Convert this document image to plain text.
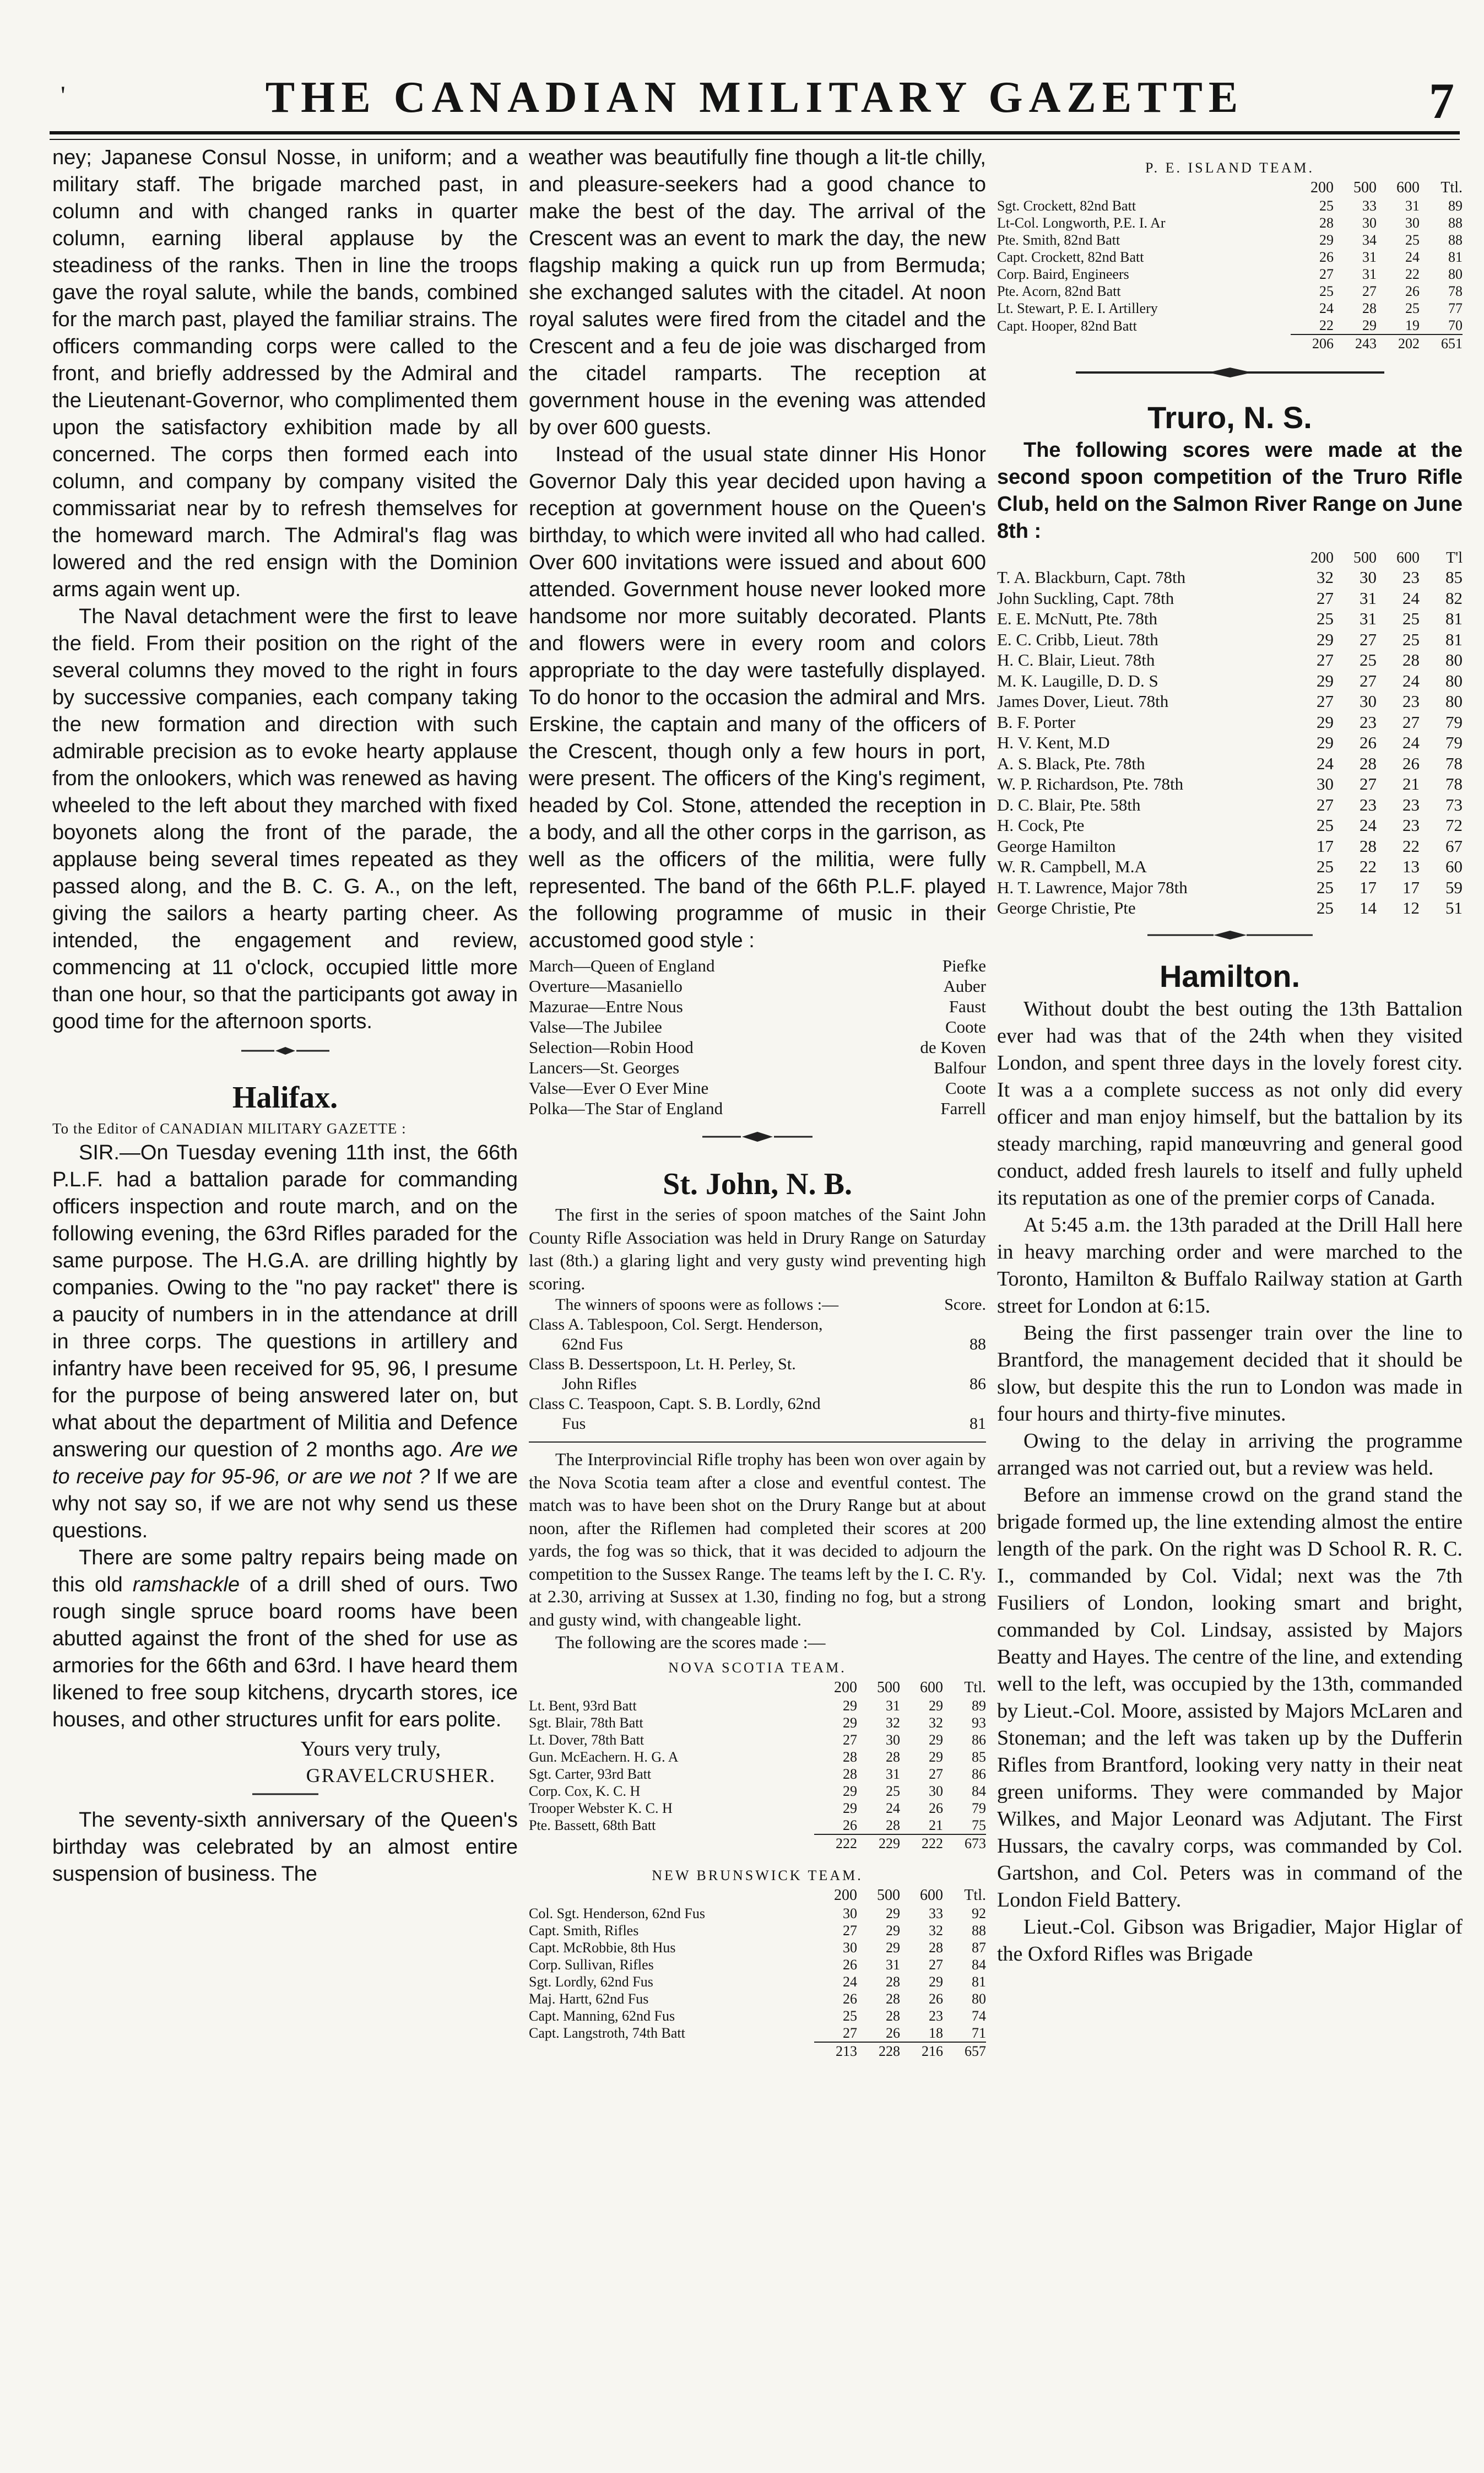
'	THE CANADIAN MILITARY GAZETTE	7

ney; Japanese Consul Nosse, in uniform; and a military staff. The brigade marched past, in column and with changed ranks in quarter column, earning liberal applause by the steadiness of the ranks. Then in line the troops gave the royal salute, while the bands, combined for the march past, played the familiar strains. The officers commanding corps were called to the front, and briefly addressed by the Admiral and the Lieutenant-Governor, who complimented them upon the satisfactory exhibition made by all concerned. The corps then formed each into column, and company by company visited the commissariat near by to refresh themselves for the homeward march. The Admiral's flag was lowered and the red ensign with the Dominion arms again went up.

The Naval detachment were the first to leave the field. From their position on the right of the several columns they moved to the right in fours by successive companies, each company taking the new formation and direction with such admirable precision as to evoke hearty applause from the onlookers, which was renewed as having wheeled to the left about they marched with fixed boyonets along the front of the parade, the applause being several times repeated as they passed along, and the B. C. G. A., on the left, giving the sailors a hearty parting cheer. As intended, the engagement and review, commencing at 11 o'clock, occupied little more than one hour, so that the participants got away in good time for the afternoon sports.

Halifax.
To the Editor of CANADIAN MILITARY GAZETTE :

SIR.—On Tuesday evening 11th inst, the 66th P.L.F. had a battalion parade for commanding officers inspection and route march, and on the following evening, the 63rd Rifles paraded for the same purpose. The H.G.A. are drilling hightly by companies. Owing to the "no pay racket" there is a paucity of numbers in in the attendance at drill in three corps. The questions in artillery and infantry have been received for 95, 96, I presume for the purpose of being answered later on, but what about the department of Militia and Defence answering our question of 2 months ago. Are we to receive pay for 95-96, or are we not ? If we are why not say so, if we are not why send us these questions.

There are some paltry repairs being made on this old ramshackle of a drill shed of ours. Two rough single spruce board rooms have been abutted against the front of the shed for use as armories for the 66th and 63rd. I have heard them likened to free soup kitchens, drycarth stores, ice houses, and other structures unfit for ears polite.

Yours very truly,
GRAVELCRUSHER.

The seventy-sixth anniversary of the Queen's birthday was celebrated by an almost entire suspension of business. The

weather was beautifully fine though a lit-tle chilly, and pleasure-seekers had a good chance to make the best of the day. The arrival of the Crescent was an event to mark the day, the new flagship making a quick run up from Bermuda; she exchanged salutes with the citadel. At noon royal salutes were fired from the citadel and the Crescent and a feu de joie was discharged from the citadel ramparts. The reception at government house in the evening was attended by over 600 guests.

Instead of the usual state dinner His Honor Governor Daly this year decided upon having a reception at government house on the Queen's birthday, to which were invited all who had called. Over 600 invitations were issued and about 600 attended. Government house never looked more handsome nor more suitably decorated. Plants and flowers were in every room and colors appropriate to the day were tastefully displayed. To do honor to the occasion the admiral and Mrs. Erskine, the captain and many of the officers of the Crescent, though only a few hours in port, were present. The officers of the King's regiment, headed by Col. Stone, attended the reception in a body, and all the other corps in the garrison, as well as the officers of the militia, were fully represented. The band of the 66th P.L.F. played the following programme of music in their accustomed good style :

March—Queen of England	Piefke
Overture—Masaniello	Auber
Mazurae—Entre Nous	Faust
Valse—The Jubilee	Coote
Selection—Robin Hood	de Koven
Lancers—St. Georges	Balfour
Valse—Ever O Ever Mine	Coote
Polka—The Star of England	Farrell
St. John, N. B.

The first in the series of spoon matches of the Saint John County Rifle Association was held in Drury Range on Saturday last (8th.) a glaring light and very gusty wind preventing high scoring.

The winners of spoons were as follows :—	Score.
Class A. Tablespoon, Col. Sergt. Henderson,	
62nd Fus	88
Class B. Dessertspoon, Lt. H. Perley, St.	
John Rifles	86
Class C. Teaspoon, Capt. S. B. Lordly, 62nd	
Fus	81

The Interprovincial Rifle trophy has been won over again by the Nova Scotia team after a close and eventful contest. The match was to have been shot on the Drury Range but at about noon, after the Riflemen had completed their scores at 200 yards, the fog was so thick, that it was decided to adjourn the competition to the Sussex Range. The teams left by the I. C. R'y. at 2.30, arriving at Sussex at 1.30, finding no fog, but a strong and gusty wind, with changeable light.

The following are the scores made :—

NOVA SCOTIA TEAM.
	200	500	600	Ttl.
Lt. Bent, 93rd Batt	29	31	29	89
Sgt. Blair, 78th Batt	29	32	32	93
Lt. Dover, 78th Batt	27	30	29	86
Gun. McEachern. H. G. A	28	28	29	85
Sgt. Carter, 93rd Batt	28	31	27	86
Corp. Cox, K. C. H	29	25	30	84
Trooper Webster K. C. H	29	24	26	79
Pte. Bassett, 68th Batt	26	28	21	75
	222	229	222	673
NEW BRUNSWICK TEAM.
	200	500	600	Ttl.
Col. Sgt. Henderson, 62nd Fus	30	29	33	92
Capt. Smith, Rifles	27	29	32	88
Capt. McRobbie, 8th Hus	30	29	28	87
Corp. Sullivan, Rifles	26	31	27	84
Sgt. Lordly, 62nd Fus	24	28	29	81
Maj. Hartt, 62nd Fus	26	28	26	80
Capt. Manning, 62nd Fus	25	28	23	74
Capt. Langstroth, 74th Batt	27	26	18	71
	213	228	216	657
P. E. ISLAND TEAM.
	200	500	600	Ttl.
Sgt. Crockett, 82nd Batt	25	33	31	89
Lt-Col. Longworth, P.E. I. Ar	28	30	30	88
Pte. Smith, 82nd Batt	29	34	25	88
Capt. Crockett, 82nd Batt	26	31	24	81
Corp. Baird, Engineers	27	31	22	80
Pte. Acorn, 82nd Batt	25	27	26	78
Lt. Stewart, P. E. I. Artillery	24	28	25	77
Capt. Hooper, 82nd Batt	22	29	19	70
	206	243	202	651
Truro, N. S.

The following scores were made at the second spoon competition of the Truro Rifle Club, held on the Salmon River Range on June 8th :

	200	500	600	T'l
T. A. Blackburn, Capt. 78th	32	30	23	85
John Suckling, Capt. 78th	27	31	24	82
E. E. McNutt, Pte. 78th	25	31	25	81
E. C. Cribb, Lieut. 78th	29	27	25	81
H. C. Blair, Lieut. 78th	27	25	28	80
M. K. Laugille, D. D. S	29	27	24	80
James Dover, Lieut. 78th	27	30	23	80
B. F. Porter	29	23	27	79
H. V. Kent, M.D	29	26	24	79
A. S. Black, Pte. 78th	24	28	26	78
W. P. Richardson, Pte. 78th	30	27	21	78
D. C. Blair, Pte. 58th	27	23	23	73
H. Cock, Pte	25	24	23	72
George Hamilton	17	28	22	67
W. R. Campbell, M.A	25	22	13	60
H. T. Lawrence, Major 78th	25	17	17	59
George Christie, Pte	25	14	12	51
Hamilton.

Without doubt the best outing the 13th Battalion ever had was that of the 24th when they visited London, and spent three days in the lovely forest city. It was a a complete success as not only did every officer and man enjoy himself, but the battalion by its steady marching, rapid manœuvring and general good conduct, added fresh laurels to itself and fully upheld its reputation as one of the premier corps of Canada.

At 5:45 a.m. the 13th paraded at the Drill Hall here in heavy marching order and were marched to the Toronto, Hamilton & Buffalo Railway station at Garth street for London at 6:15.

Being the first passenger train over the line to Brantford, the management decided that it should be slow, but despite this the run to London was made in four hours and thirty-five minutes.

Owing to the delay in arriving the programme arranged was not carried out, but a review was held.

Before an immense crowd on the grand stand the brigade formed up, the line extending almost the entire length of the park. On the right was D School R. R. C. I., commanded by Col. Vidal; next was the 7th Fusiliers of London, looking smart and bright, commanded by Col. Lindsay, assisted by Majors Beatty and Hayes. The centre of the line, and extending well to the left, was occupied by the 13th, commanded by Lieut.-Col. Moore, assisted by Majors McLaren and Stoneman; and the left was taken up by the Dufferin Rifles from Brantford, looking very natty in their neat green uniforms. They were commanded by Major Wilkes, and Major Leonard was Adjutant. The First Hussars, the cavalry corps, was commanded by Col. Gartshon, and Col. Peters was in command of the London Field Battery.

Lieut.-Col. Gibson was Brigadier, Major Higlar of the Oxford Rifles was Brigade
